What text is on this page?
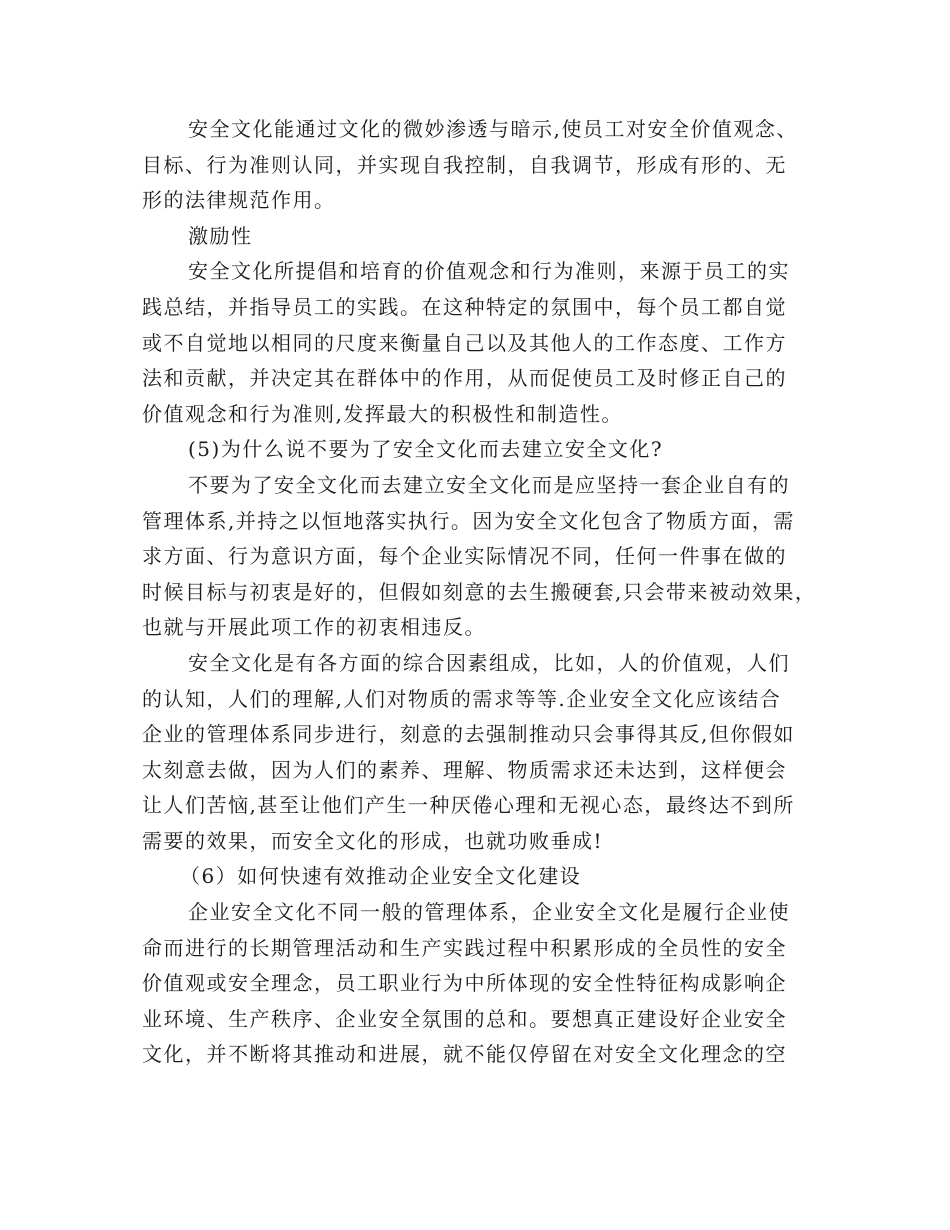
安全文化能通过文化的微妙渗透与暗示,使员工对安全价值观念、
目标、行为准则认同，并实现自我控制，自我调节，形成有形的、无
形的法律规范作用。
激励性
安全文化所提倡和培育的价值观念和行为准则，来源于员工的实
践总结，并指导员工的实践。在这种特定的氛围中，每个员工都自觉
或不自觉地以相同的尺度来衡量自己以及其他人的工作态度、工作方
法和贡献，并决定其在群体中的作用，从而促使员工及时修正自己的
价值观念和行为准则,发挥最大的积极性和制造性。
(5)为什么说不要为了安全文化而去建立安全文化?
不要为了安全文化而去建立安全文化而是应坚持一套企业自有的
管理体系,并持之以恒地落实执行。因为安全文化包含了物质方面，需
求方面、行为意识方面，每个企业实际情况不同，任何一件事在做的
时候目标与初衷是好的，但假如刻意的去生搬硬套,只会带来被动效果，
也就与开展此项工作的初衷相违反。
安全文化是有各方面的综合因素组成，比如，人的价值观，人们
的认知，人们的理解,人们对物质的需求等等.企业安全文化应该结合
企业的管理体系同步进行，刻意的去强制推动只会事得其反,但你假如
太刻意去做，因为人们的素养、理解、物质需求还未达到，这样便会
让人们苦恼,甚至让他们产生一种厌倦心理和无视心态，最终达不到所
需要的效果，而安全文化的形成，也就功败垂成!
（6）如何快速有效推动企业安全文化建设
企业安全文化不同一般的管理体系，企业安全文化是履行企业使
命而进行的长期管理活动和生产实践过程中积累形成的全员性的安全
价值观或安全理念，员工职业行为中所体现的安全性特征构成影响企
业环境、生产秩序、企业安全氛围的总和。要想真正建设好企业安全
文化，并不断将其推动和进展，就不能仅停留在对安全文化理念的空
